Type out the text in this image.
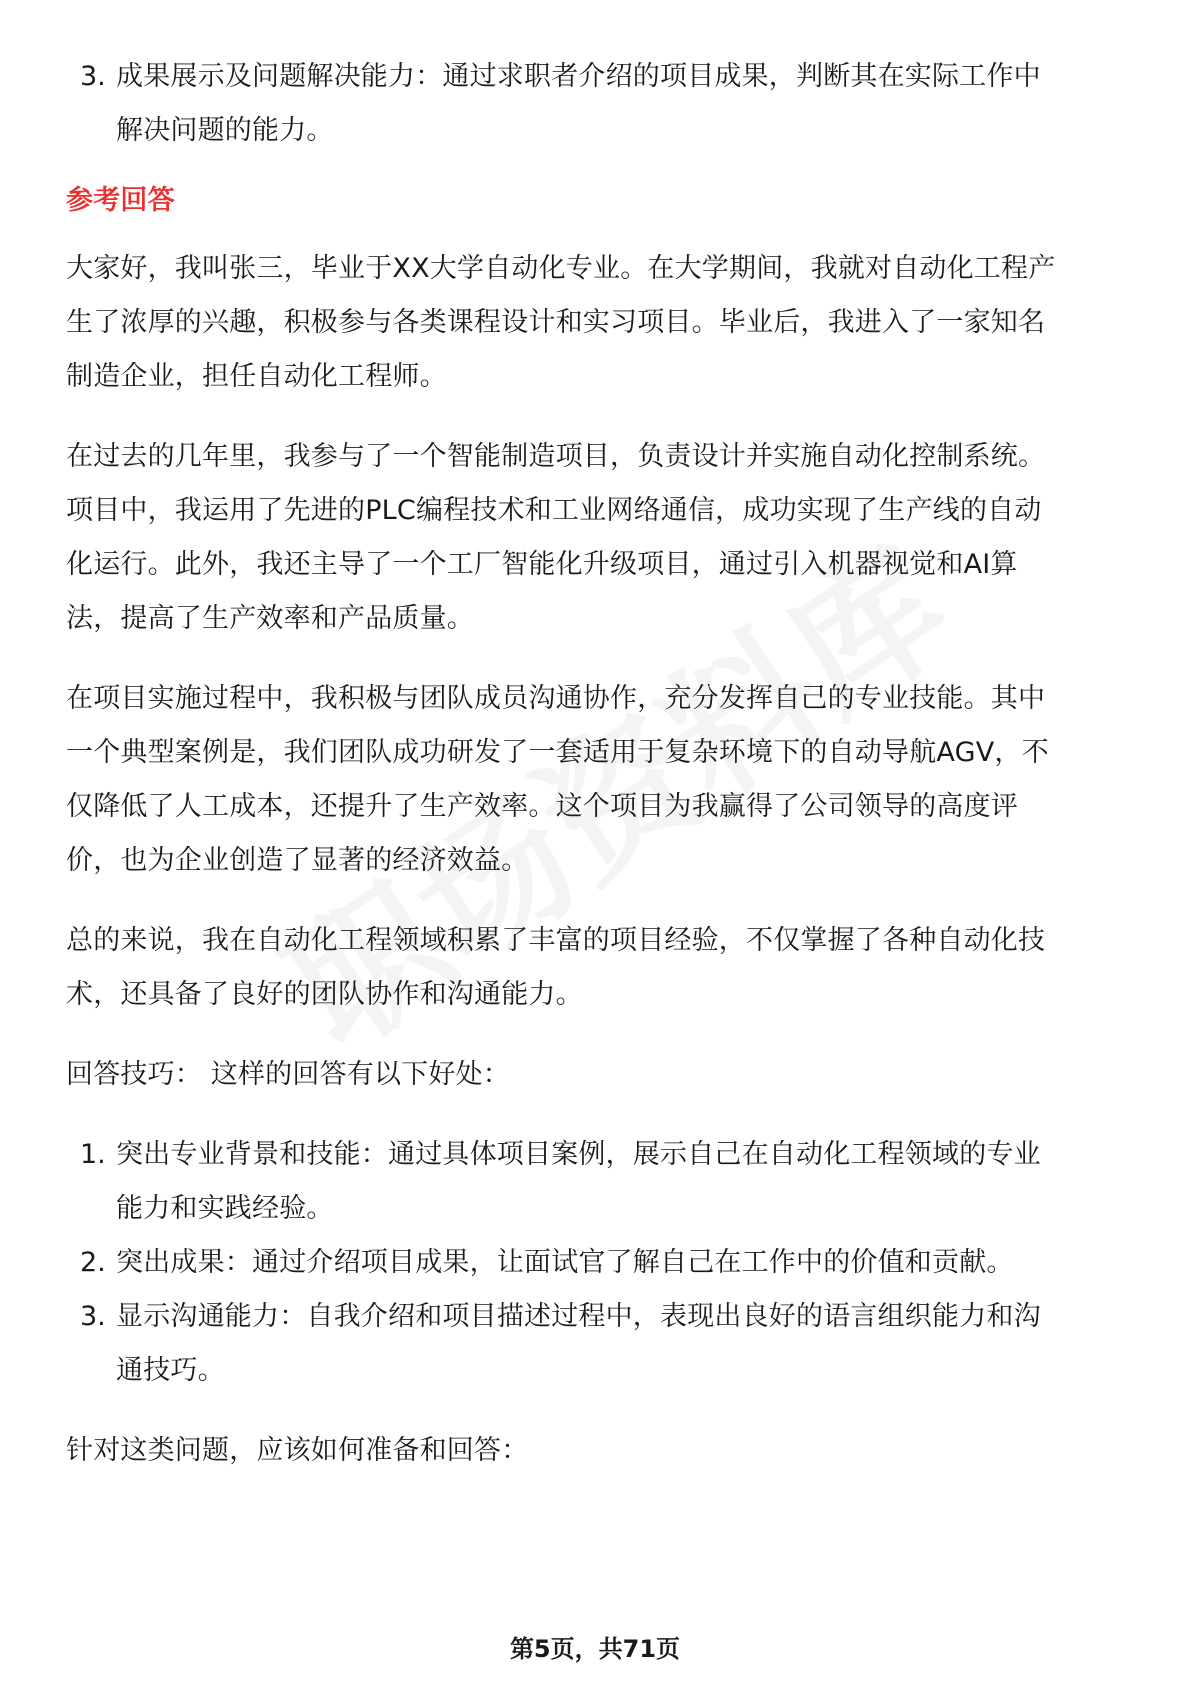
3. 成果展示及问题解决能力：通过求职者介绍的项目成果，判断其在实际工作中
解决问题的能力。
参考回答
大家好，我叫张三，毕业于XX大学自动化专业。在大学期间，我就对自动化工程产
生了浓厚的兴趣，积极参与各类课程设计和实习项目。毕业后，我进入了一家知名
制造企业，担任自动化工程师。
在过去的几年里，我参与了一个智能制造项目，负责设计并实施自动化控制系统。
项目中，我运用了先进的PLC编程技术和工业网络通信，成功实现了生产线的自动
化运行。此外，我还主导了一个工厂智能化升级项目，通过引入机器视觉和AI算
法，提高了生产效率和产品质量。
在项目实施过程中，我积极与团队成员沟通协作，充分发挥自己的专业技能。其中
一个典型案例是，我们团队成功研发了一套适用于复杂环境下的自动导航AGV，不
仅降低了人工成本，还提升了生产效率。这个项目为我赢得了公司领导的高度评
价，也为企业创造了显著的经济效益。
总的来说，我在自动化工程领域积累了丰富的项目经验，不仅掌握了各种自动化技
术，还具备了良好的团队协作和沟通能力。
回答技巧： 这样的回答有以下好处：
1. 突出专业背景和技能：通过具体项目案例，展示自己在自动化工程领域的专业
能力和实践经验。
2. 突出成果：通过介绍项目成果，让面试官了解自己在工作中的价值和贡献。
3. 显示沟通能力：自我介绍和项目描述过程中，表现出良好的语言组织能力和沟
通技巧。
针对这类问题，应该如何准备和回答：
第5页，共71页
